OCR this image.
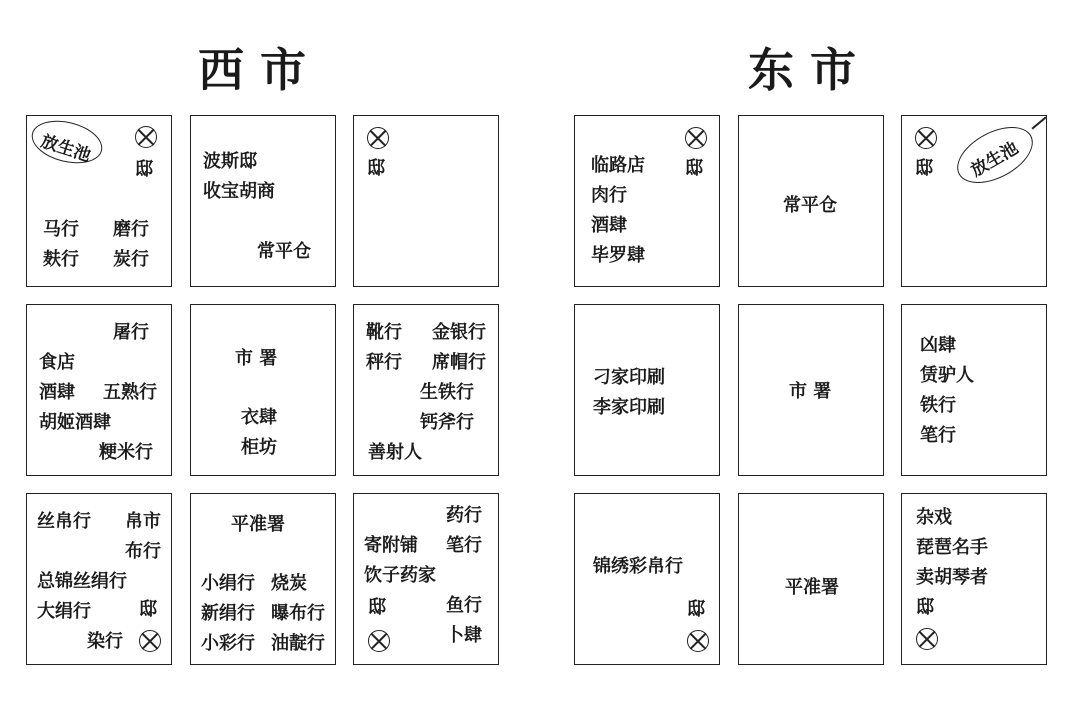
西 市	东 市
放生池
邸
马行 磨行
麸行 炭行
波斯邸
收宝胡商
常平仓
邸
屠行
食店
酒肆 五熟行
胡姬酒肆
粳米行
市 署
衣肆
柜坊
靴行 金银行
秤行 席帽行
生铁行
钙斧行
善射人
丝帛行 帛市
布行
总锦丝绢行
大绢行	邸
染行
平准署
小绢行 烧炭
新绢行 曝布行
小彩行 油靛行
药行
寄附铺 笔行
饮子药家
邸	鱼行
卜肆
临路店 邸
肉行
酒肆
毕罗肆
常平仓
邸 放生池
刁家印刷
李家印刷
市 署
凶肆
赁驴人
铁行
笔行
锦绣彩帛行
邸
平准署
杂戏
琵琶名手
卖胡琴者
邸
